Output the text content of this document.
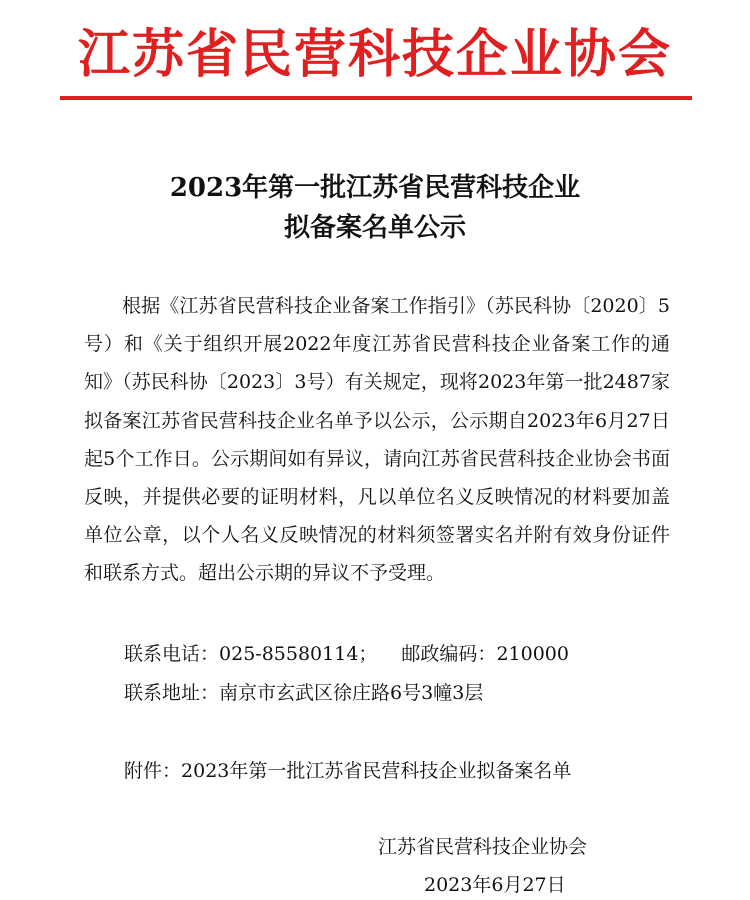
江苏省民营科技企业协会
2023年第一批江苏省民营科技企业
拟备案名单公示

根据《江苏省民营科技企业备案工作指引》（苏民科协〔2020〕5号）和《关于组织开展2022年度江苏省民营科技企业备案工作的通知》（苏民科协〔2023〕3号）有关规定，现将2023年第一批2487家拟备案江苏省民营科技企业名单予以公示，公示期自2023年6月27日起5个工作日。公示期间如有异议，请向江苏省民营科技企业协会书面反映，并提供必要的证明材料，凡以单位名义反映情况的材料要加盖单位公章，以个人名义反映情况的材料须签署实名并附有效身份证件和联系方式。超出公示期的异议不予受理。

联系电话：025-85580114； 邮政编码：210000
联系地址：南京市玄武区徐庄路6号3幢3层
附件：2023年第一批江苏省民营科技企业拟备案名单
江苏省民营科技企业协会
2023年6月27日
